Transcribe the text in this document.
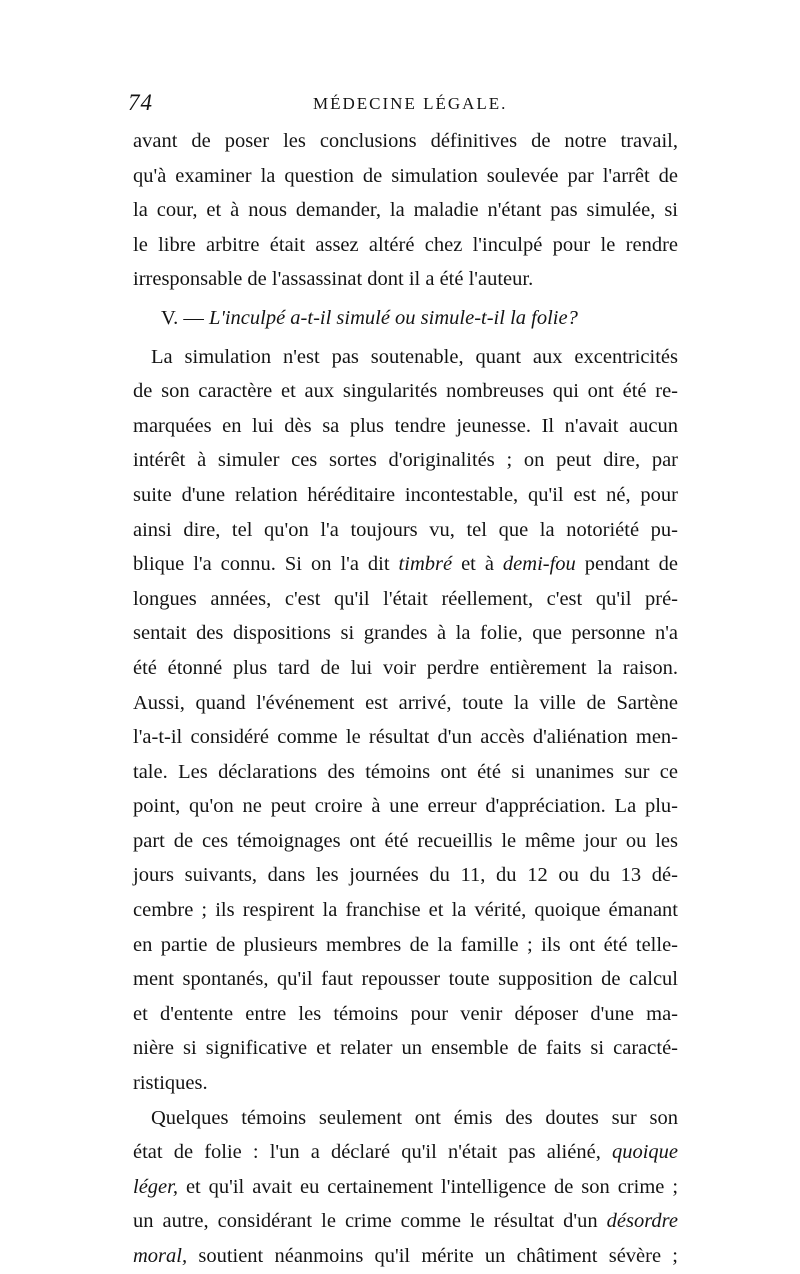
74	MÉDECINE LÉGALE.
avant de poser les conclusions définitives de notre travail,
qu'à examiner la question de simulation soulevée par l'arrêt de
la cour, et à nous demander, la maladie n'étant pas simulée, si
le libre arbitre était assez altéré chez l'inculpé pour le rendre
irresponsable de l'assassinat dont il a été l'auteur.
V. — L'inculpé a-t-il simulé ou simule-t-il la folie?
La simulation n'est pas soutenable, quant aux excentricités
de son caractère et aux singularités nombreuses qui ont été re-
marquées en lui dès sa plus tendre jeunesse. Il n'avait aucun
intérêt à simuler ces sortes d'originalités ; on peut dire, par
suite d'une relation héréditaire incontestable, qu'il est né, pour
ainsi dire, tel qu'on l'a toujours vu, tel que la notoriété pu-
blique l'a connu. Si on l'a dit timbré et à demi-fou pendant de
longues années, c'est qu'il l'était réellement, c'est qu'il pré-
sentait des dispositions si grandes à la folie, que personne n'a
été étonné plus tard de lui voir perdre entièrement la raison.
Aussi, quand l'événement est arrivé, toute la ville de Sartène
l'a-t-il considéré comme le résultat d'un accès d'aliénation men-
tale. Les déclarations des témoins ont été si unanimes sur ce
point, qu'on ne peut croire à une erreur d'appréciation. La plu-
part de ces témoignages ont été recueillis le même jour ou les
jours suivants, dans les journées du 11, du 12 ou du 13 dé-
cembre ; ils respirent la franchise et la vérité, quoique émanant
en partie de plusieurs membres de la famille ; ils ont été telle-
ment spontanés, qu'il faut repousser toute supposition de calcul
et d'entente entre les témoins pour venir déposer d'une ma-
nière si significative et relater un ensemble de faits si caracté-
ristiques.
Quelques témoins seulement ont émis des doutes sur son
état de folie : l'un a déclaré qu'il n'était pas aliéné, quoique
léger, et qu'il avait eu certainement l'intelligence de son crime ;
un autre, considérant le crime comme le résultat d'un désordre
moral, soutient néanmoins qu'il mérite un châtiment sévère ;
